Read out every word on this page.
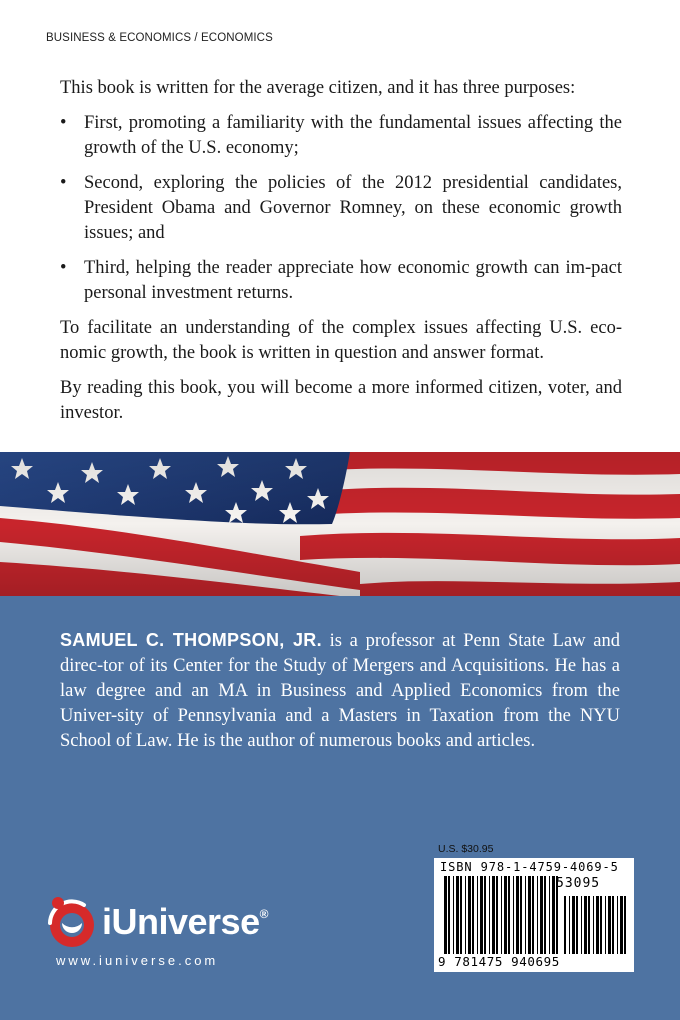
BUSINESS & ECONOMICS / ECONOMICS

This book is written for the average citizen, and it has three purposes:

• First, promoting a familiarity with the fundamental issues affecting the growth of the U.S. economy;
• Second, exploring the policies of the 2012 presidential candidates, President Obama and Governor Romney, on these economic growth issues; and
• Third, helping the reader appreciate how economic growth can im-pact personal investment returns.

To facilitate an understanding of the complex issues affecting U.S. eco-nomic growth, the book is written in question and answer format.

By reading this book, you will become a more informed citizen, voter, and investor.

SAMUEL C. THOMPSON, JR. is a professor at Penn State Law and direc-tor of its Center for the Study of Mergers and Acquisitions. He has a law degree and an MA in Business and Applied Economics from the Univer-sity of Pennsylvania and a Masters in Taxation from the NYU School of Law. He is the author of numerous books and articles.
iUniverse®
www.iuniverse.com
U.S. $30.95
ISBN 978-1-4759-4069-5
53095
9 781475 940695
